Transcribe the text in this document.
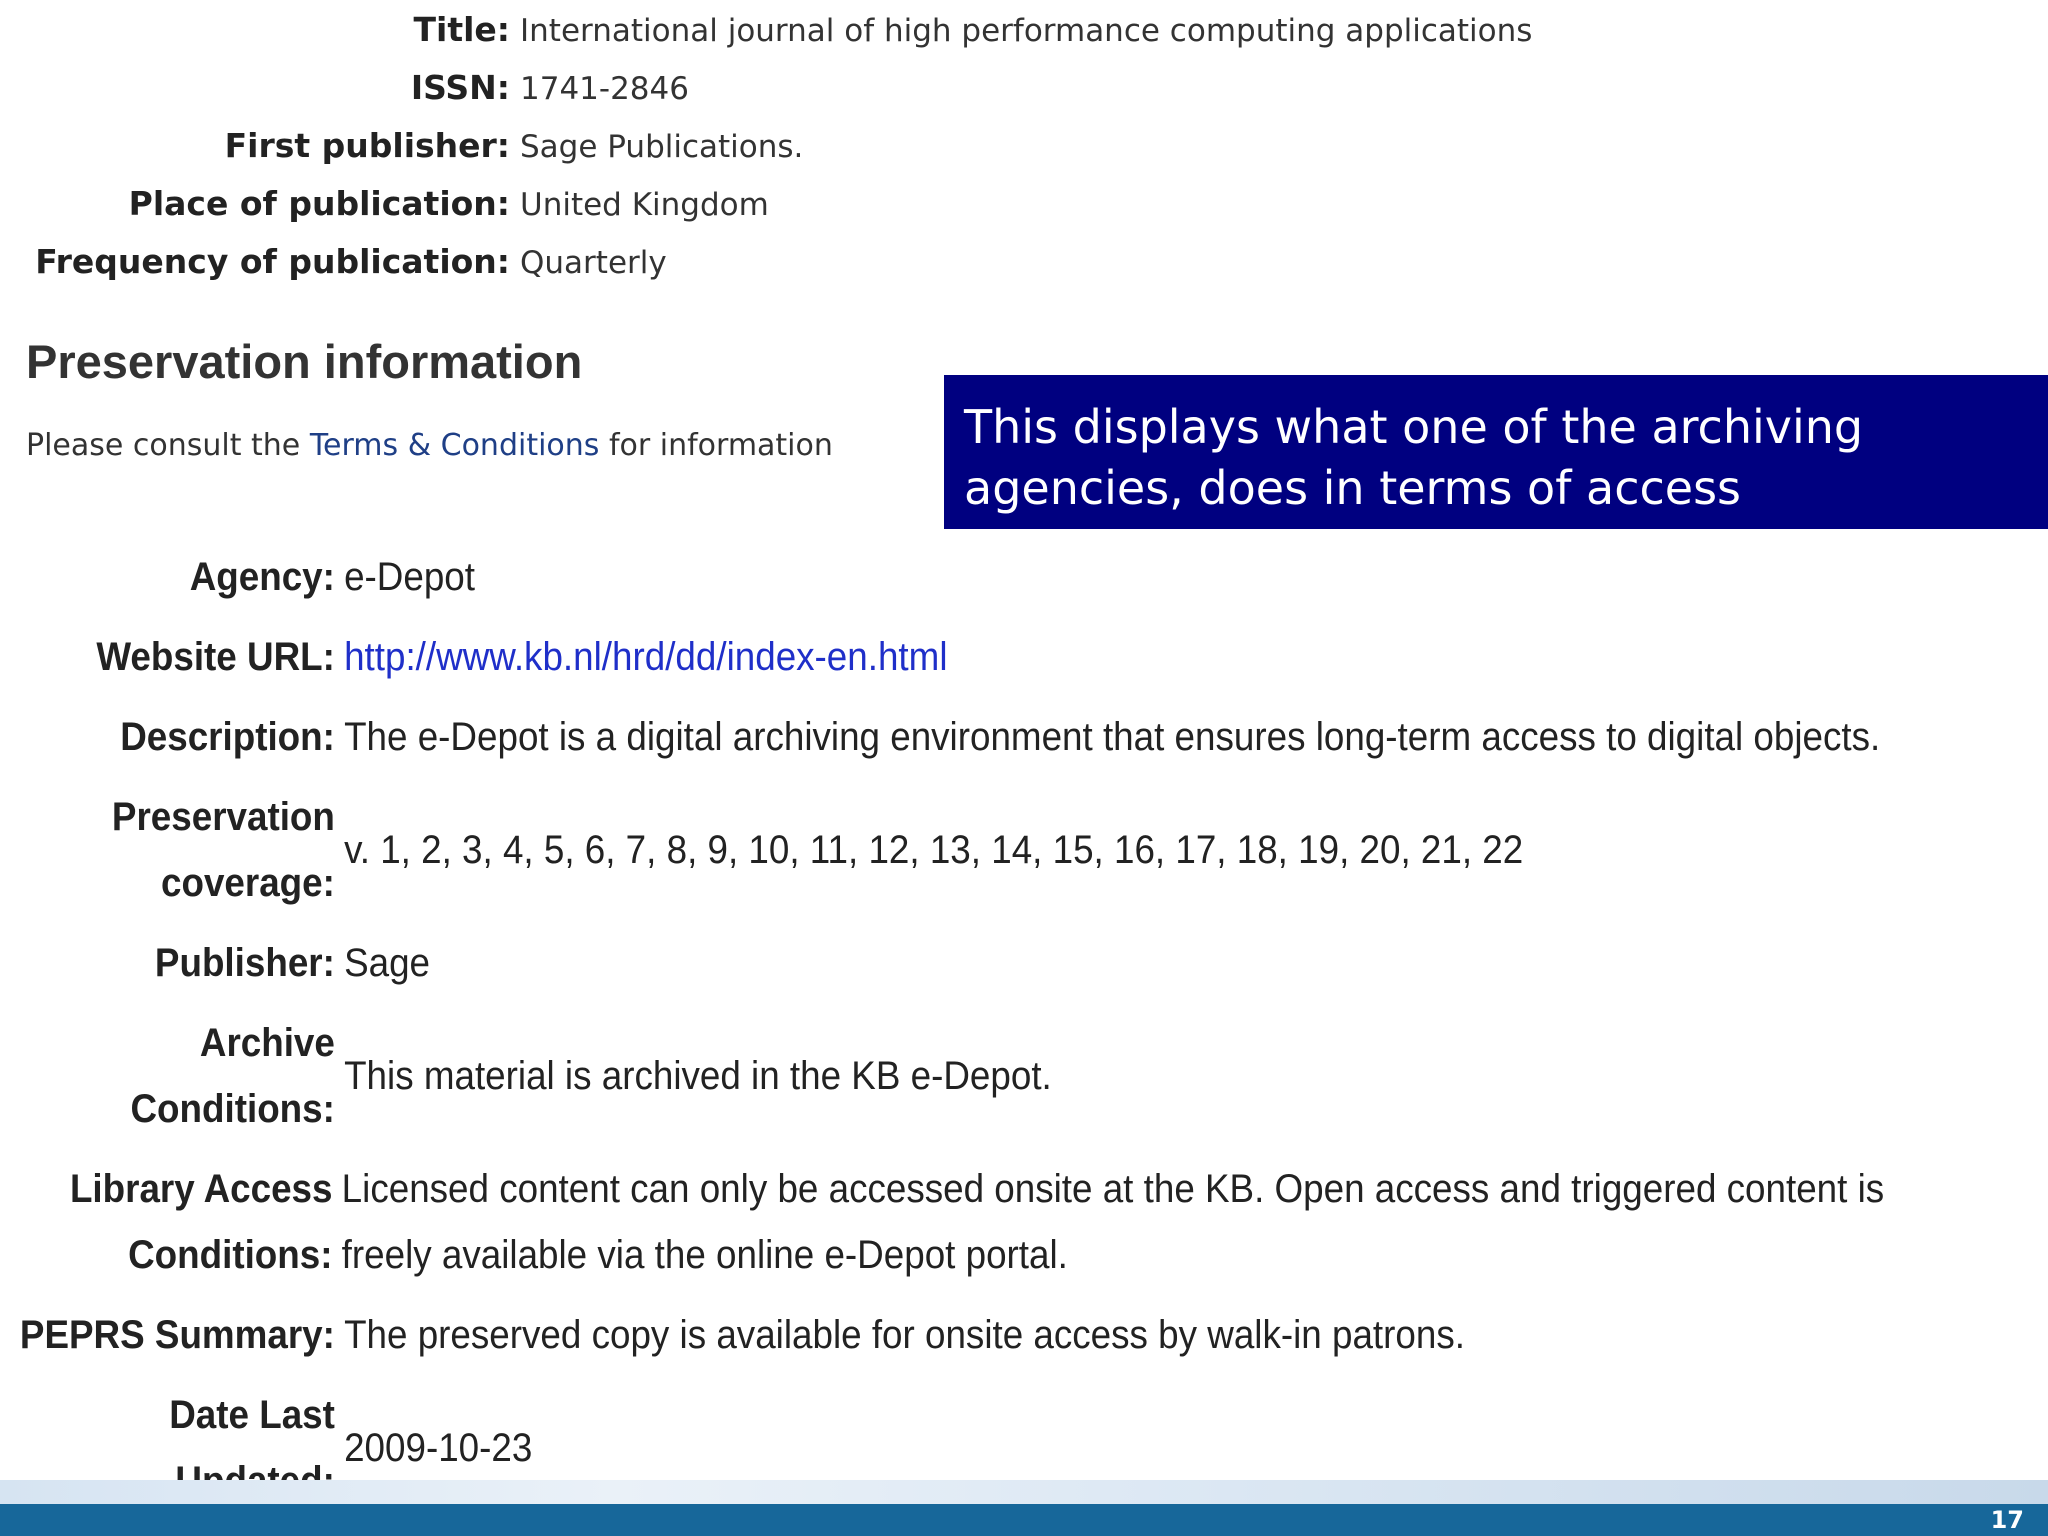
Title: International journal of high performance computing applications
ISSN: 1741-2846
First publisher: Sage Publications.
Place of publication: United Kingdom
Frequency of publication: Quarterly
Preservation information
Please consult the Terms & Conditions for information	This displays what one of the archiving
agencies, does in terms of access
Agency: e-Depot
Website URL: http://www.kb.nl/hrd/dd/index-en.html
Description: The e-Depot is a digital archiving environment that ensures long-term access to digital objects.
Preservation
coverage:
v. 1, 2, 3, 4, 5, 6, 7, 8, 9, 10, 11, 12, 13, 14, 15, 16, 17, 18, 19, 20, 21, 22
Publisher: Sage
Archive
Conditions:
This material is archived in the KB e-Depot.
Library Access
Conditions:
Licensed content can only be accessed onsite at the KB. Open access and triggered content is
freely available via the online e-Depot portal.
PEPRS Summary: The preserved copy is available for onsite access by walk-in patrons.
Date Last
2009-10-23
17
